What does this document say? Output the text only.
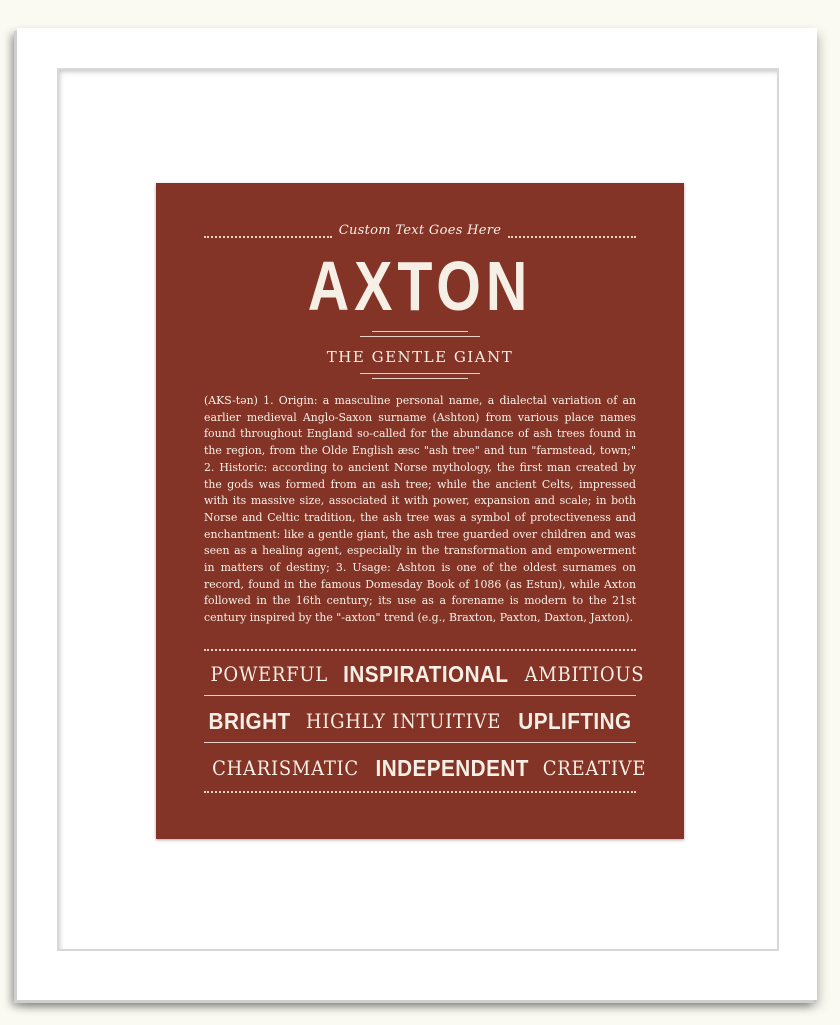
Custom Text Goes Here
AXTON
THE GENTLE GIANT

(AKS-tən) 1. Origin: a masculine personal name, a dialectal variation of an earlier medieval Anglo-Saxon surname (Ashton) from various place names found throughout England so-called for the abundance of ash trees found in the region, from the Olde English æsc "ash tree" and tun "farmstead, town;" 2. Historic: according to ancient Norse mythology, the first man created by the gods was formed from an ash tree; while the ancient Celts, impressed with its massive size, associated it with power, expansion and scale; in both Norse and Celtic tradition, the ash tree was a symbol of protectiveness and enchantment: like a gentle giant, the ash tree guarded over children and was seen as a healing agent, especially in the transformation and empowerment in matters of destiny; 3. Usage: Ashton is one of the oldest surnames on record, found in the famous Domesday Book of 1086 (as Estun), while Axton followed in the 16th century; its use as a forename is modern to the 21st century inspired by the "-axton" trend (e.g., Braxton, Paxton, Daxton, Jaxton).

POWERFUL INSPIRATIONAL AMBITIOUS
BRIGHT HIGHLY INTUITIVE UPLIFTING
CHARISMATIC INDEPENDENT CREATIVE
